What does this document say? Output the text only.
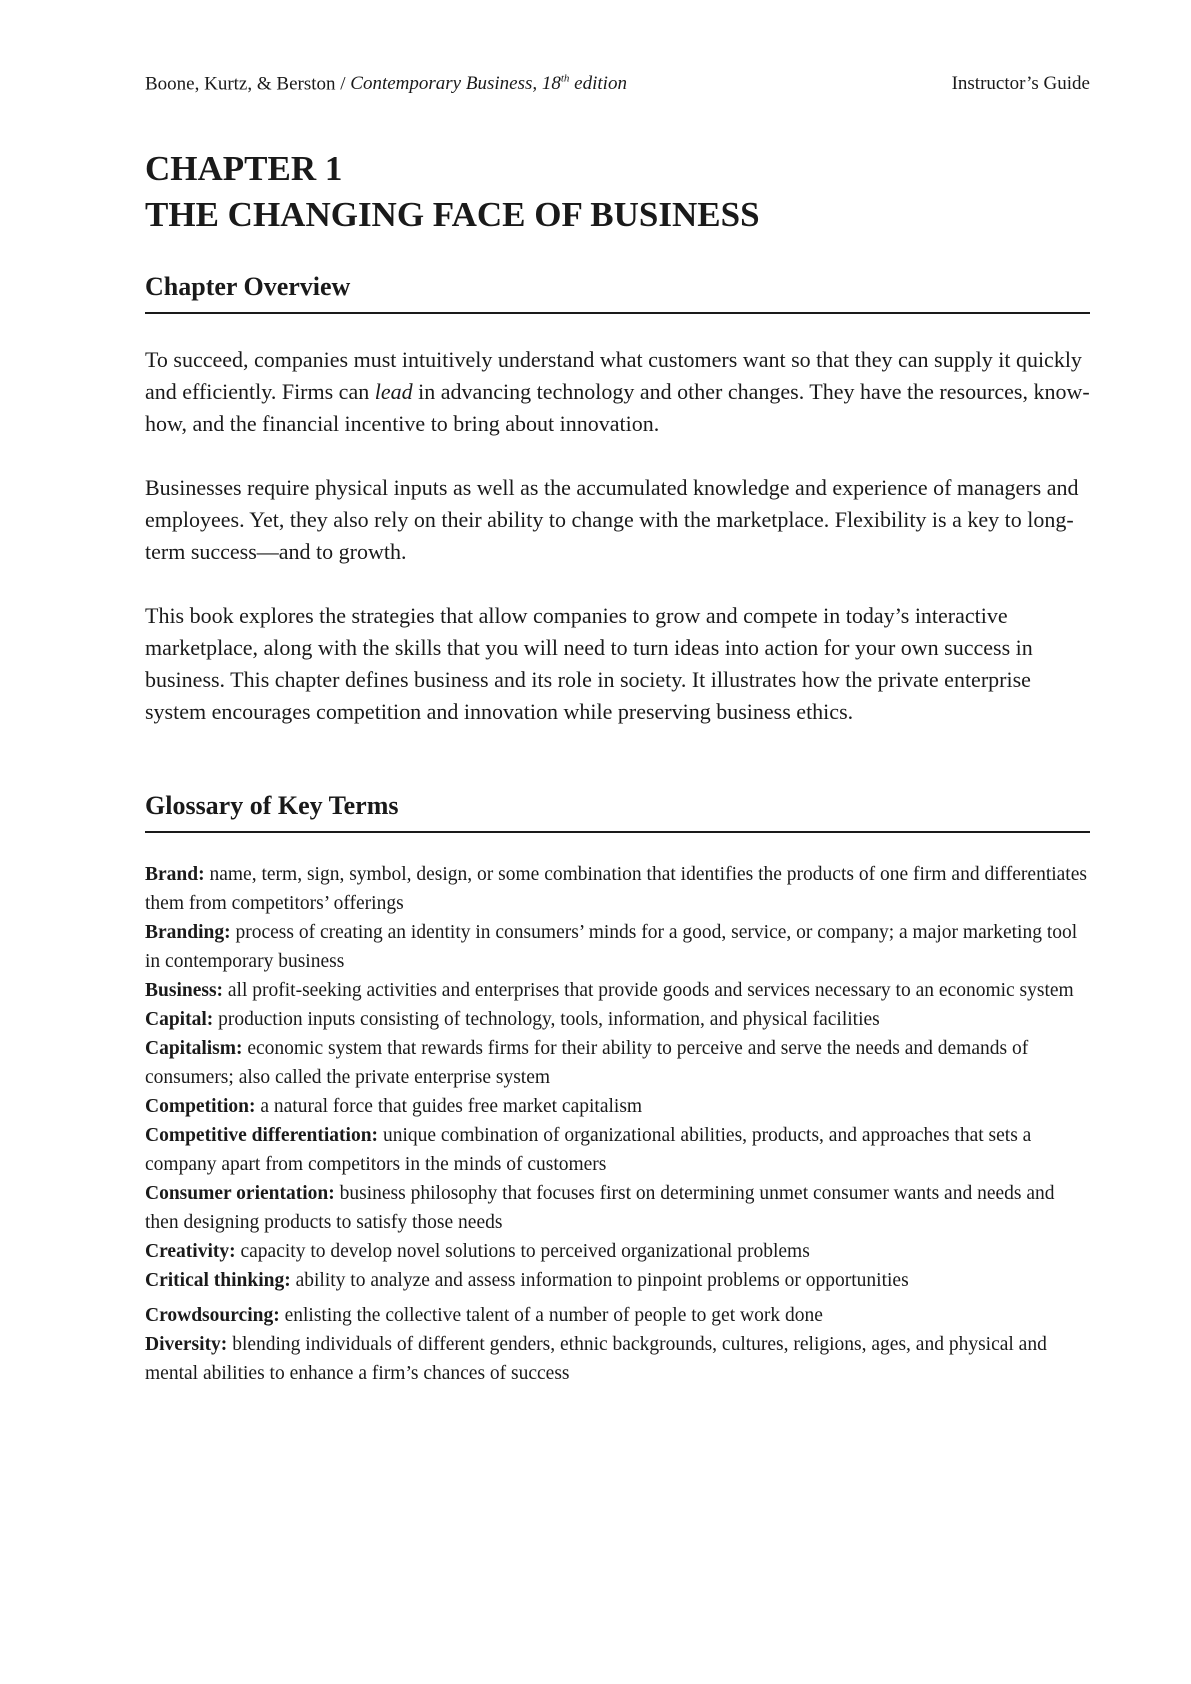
Boone, Kurtz, & Berston / Contemporary Business, 18th edition	Instructor’s Guide
CHAPTER 1
THE CHANGING FACE OF BUSINESS
Chapter Overview

To succeed, companies must intuitively understand what customers want so that they can supply it quickly and efficiently. Firms can lead in advancing technology and other changes. They have the resources, know-how, and the financial incentive to bring about innovation.

Businesses require physical inputs as well as the accumulated knowledge and experience of managers and employees. Yet, they also rely on their ability to change with the marketplace. Flexibility is a key to long-term success—and to growth.

This book explores the strategies that allow companies to grow and compete in today’s interactive marketplace, along with the skills that you will need to turn ideas into action for your own success in business. This chapter defines business and its role in society. It illustrates how the private enterprise system encourages competition and innovation while preserving business ethics.

Glossary of Key Terms

Brand: name, term, sign, symbol, design, or some combination that identifies the products of one firm and differentiates them from competitors’ offerings

Branding: process of creating an identity in consumers’ minds for a good, service, or company; a major marketing tool in contemporary business

Business: all profit-seeking activities and enterprises that provide goods and services necessary to an economic system

Capital: production inputs consisting of technology, tools, information, and physical facilities

Capitalism: economic system that rewards firms for their ability to perceive and serve the needs and demands of consumers; also called the private enterprise system

Competition: a natural force that guides free market capitalism

Competitive differentiation: unique combination of organizational abilities, products, and approaches that sets a company apart from competitors in the minds of customers

Consumer orientation: business philosophy that focuses first on determining unmet consumer wants and needs and then designing products to satisfy those needs

Creativity: capacity to develop novel solutions to perceived organizational problems

Critical thinking: ability to analyze and assess information to pinpoint problems or opportunities

Crowdsourcing: enlisting the collective talent of a number of people to get work done

Diversity: blending individuals of different genders, ethnic backgrounds, cultures, religions, ages, and physical and mental abilities to enhance a firm’s chances of success
